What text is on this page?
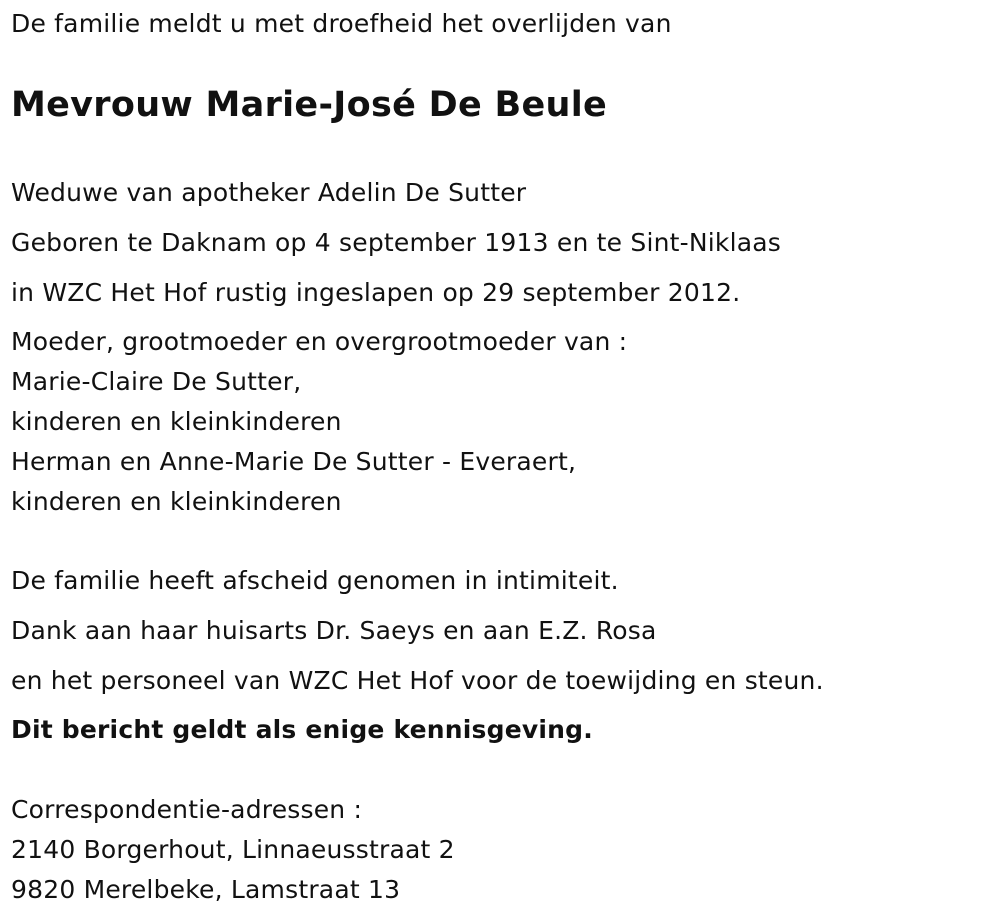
De familie meldt u met droefheid het overlijden van
Mevrouw Marie-José De Beule
Weduwe van apotheker Adelin De Sutter
Geboren te Daknam op 4 september 1913 en te Sint-Niklaas
in WZC Het Hof rustig ingeslapen op 29 september 2012.
Moeder, grootmoeder en overgrootmoeder van :
Marie-Claire De Sutter,
kinderen en kleinkinderen
Herman en Anne-Marie De Sutter - Everaert,
kinderen en kleinkinderen
De familie heeft afscheid genomen in intimiteit.
Dank aan haar huisarts Dr. Saeys en aan E.Z. Rosa
en het personeel van WZC Het Hof voor de toewijding en steun.
Dit bericht geldt als enige kennisgeving.
Correspondentie-adressen :
2140 Borgerhout, Linnaeusstraat 2
9820 Merelbeke, Lamstraat 13
